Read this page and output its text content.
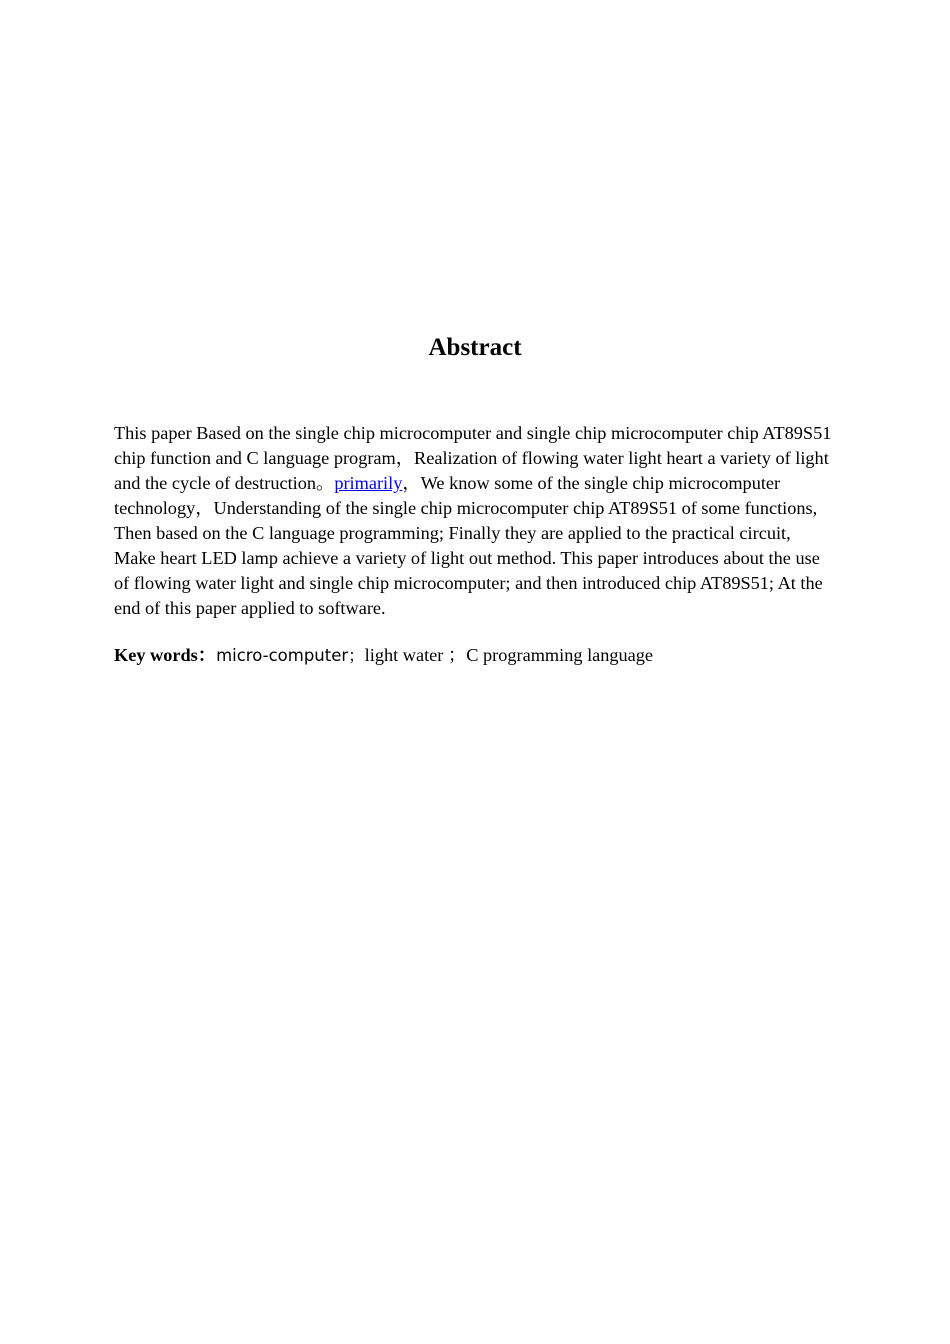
Abstract

This paper Based on the single chip microcomputer and single chip microcomputer chip AT89S51 chip function and C language program，Realization of flowing water light heart a variety of light and the cycle of destruction。primarily，We know some of the single chip microcomputer technology，Understanding of the single chip microcomputer chip AT89S51 of some functions, Then based on the C language programming; Finally they are applied to the practical circuit, Make heart LED lamp achieve a variety of light out method. This paper introduces about the use of flowing water light and single chip microcomputer; and then introduced chip AT89S51; At the end of this paper applied to software.

Key words：micro-computer；light water ；C programming language
